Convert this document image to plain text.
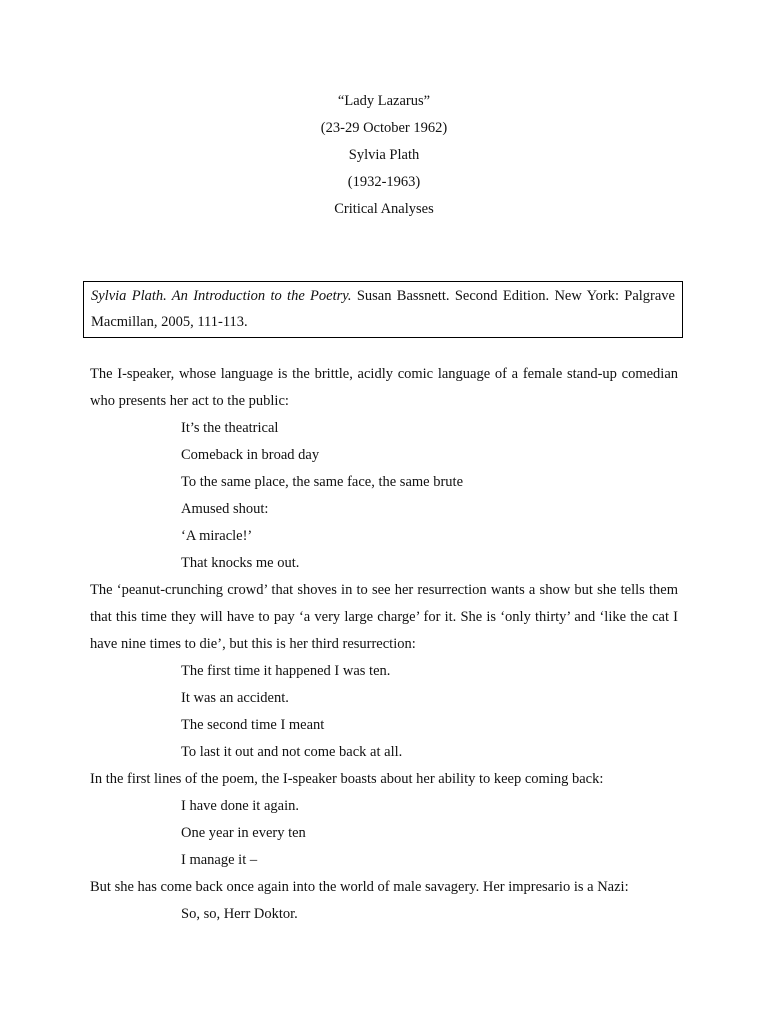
“Lady Lazarus”
(23-29 October 1962)
Sylvia Plath
(1932-1963)
Critical Analyses
Sylvia Plath. An Introduction to the Poetry. Susan Bassnett. Second Edition. New York: Palgrave Macmillan, 2005, 111-113.
The I-speaker, whose language is the brittle, acidly comic language of a female stand-up comedian who presents her act to the public:
It’s the theatrical
Comeback in broad day
To the same place, the same face, the same brute
Amused shout:
‘A miracle!’
That knocks me out.
The ‘peanut-crunching crowd’ that shoves in to see her resurrection wants a show but she tells them that this time they will have to pay ‘a very large charge’ for it. She is ‘only thirty’ and ‘like the cat I have nine times to die’, but this is her third resurrection:
The first time it happened I was ten.
It was an accident.
The second time I meant
To last it out and not come back at all.
In the first lines of the poem, the I-speaker boasts about her ability to keep coming back:
I have done it again.
One year in every ten
I manage it –
But she has come back once again into the world of male savagery. Her impresario is a Nazi:
So, so, Herr Doktor.
